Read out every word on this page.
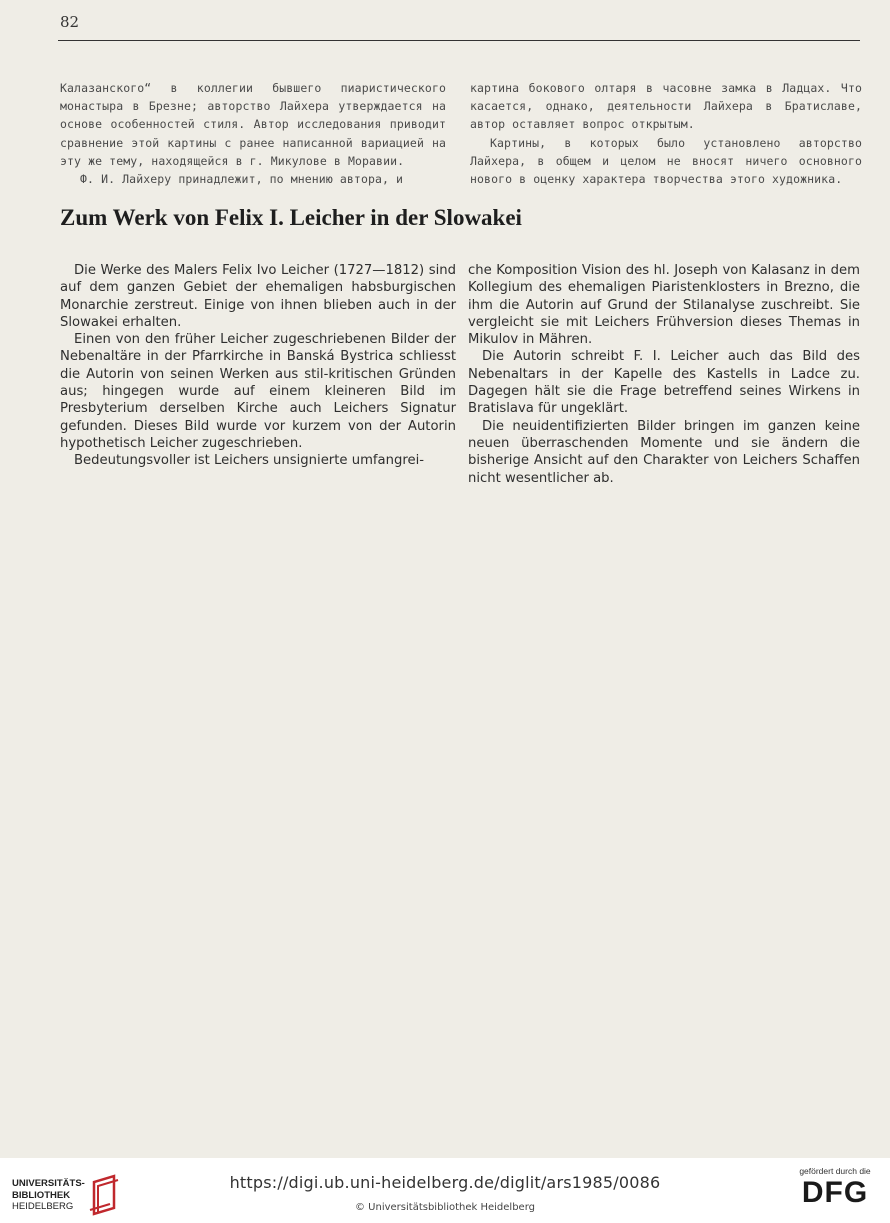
82

Калазанского“ в коллегии бывшего пиаристического монастыра в Брезне; авторство Лайхера утверждается на основе особенностей стиля. Автор исследования приводит сравнение этой картины с ранее написанной вариацией на эту же тему, находящейся в г. Микулове в Моравии.

Ф. И. Лайхеру принадлежит, по мнению автора, и

картина бокового олтаря в часовне замка в Ладцах. Что касается, однако, деятельности Лайхера в Братиславе, автор оставляет вопрос открытым.

Картины, в которых было установлено авторство Лайхера, в общем и целом не вносят ничего основного нового в оценку характера творчества этого художника.

Zum Werk von Felix I. Leicher in der Slowakei

Die Werke des Malers Felix Ivo Leicher (1727—1812) sind auf dem ganzen Gebiet der ehemaligen habsburgischen Monarchie zerstreut. Einige von ihnen blieben auch in der Slowakei erhalten.

Einen von den früher Leicher zugeschriebenen Bilder der Nebenaltäre in der Pfarrkirche in Banská Bystrica schliesst die Autorin von seinen Werken aus stil-kritischen Gründen aus; hingegen wurde auf einem kleineren Bild im Presbyterium derselben Kirche auch Leichers Signatur gefunden. Dieses Bild wurde vor kurzem von der Autorin hypothetisch Leicher zugeschrieben.

Bedeutungsvoller ist Leichers unsignierte umfangrei-

che Komposition Vision des hl. Joseph von Kalasanz in dem Kollegium des ehemaligen Piaristenklosters in Brezno, die ihm die Autorin auf Grund der Stilanalyse zuschreibt. Sie vergleicht sie mit Leichers Frühversion dieses Themas in Mikulov in Mähren.

Die Autorin schreibt F. I. Leicher auch das Bild des Nebenaltars in der Kapelle des Kastells in Ladce zu. Dagegen hält sie die Frage betreffend seines Wirkens in Bratislava für ungeklärt.

Die neuidentifizierten Bilder bringen im ganzen keine neuen überraschenden Momente und sie ändern die bisherige Ansicht auf den Charakter von Leichers Schaffen nicht wesentlicher ab.

UNIVERSITÄTS-
BIBLIOTHEK
HEIDELBERG
https://digi.ub.uni-heidelberg.de/diglit/ars1985/0086
© Universitätsbibliothek Heidelberg
gefördert durch die
DFG
